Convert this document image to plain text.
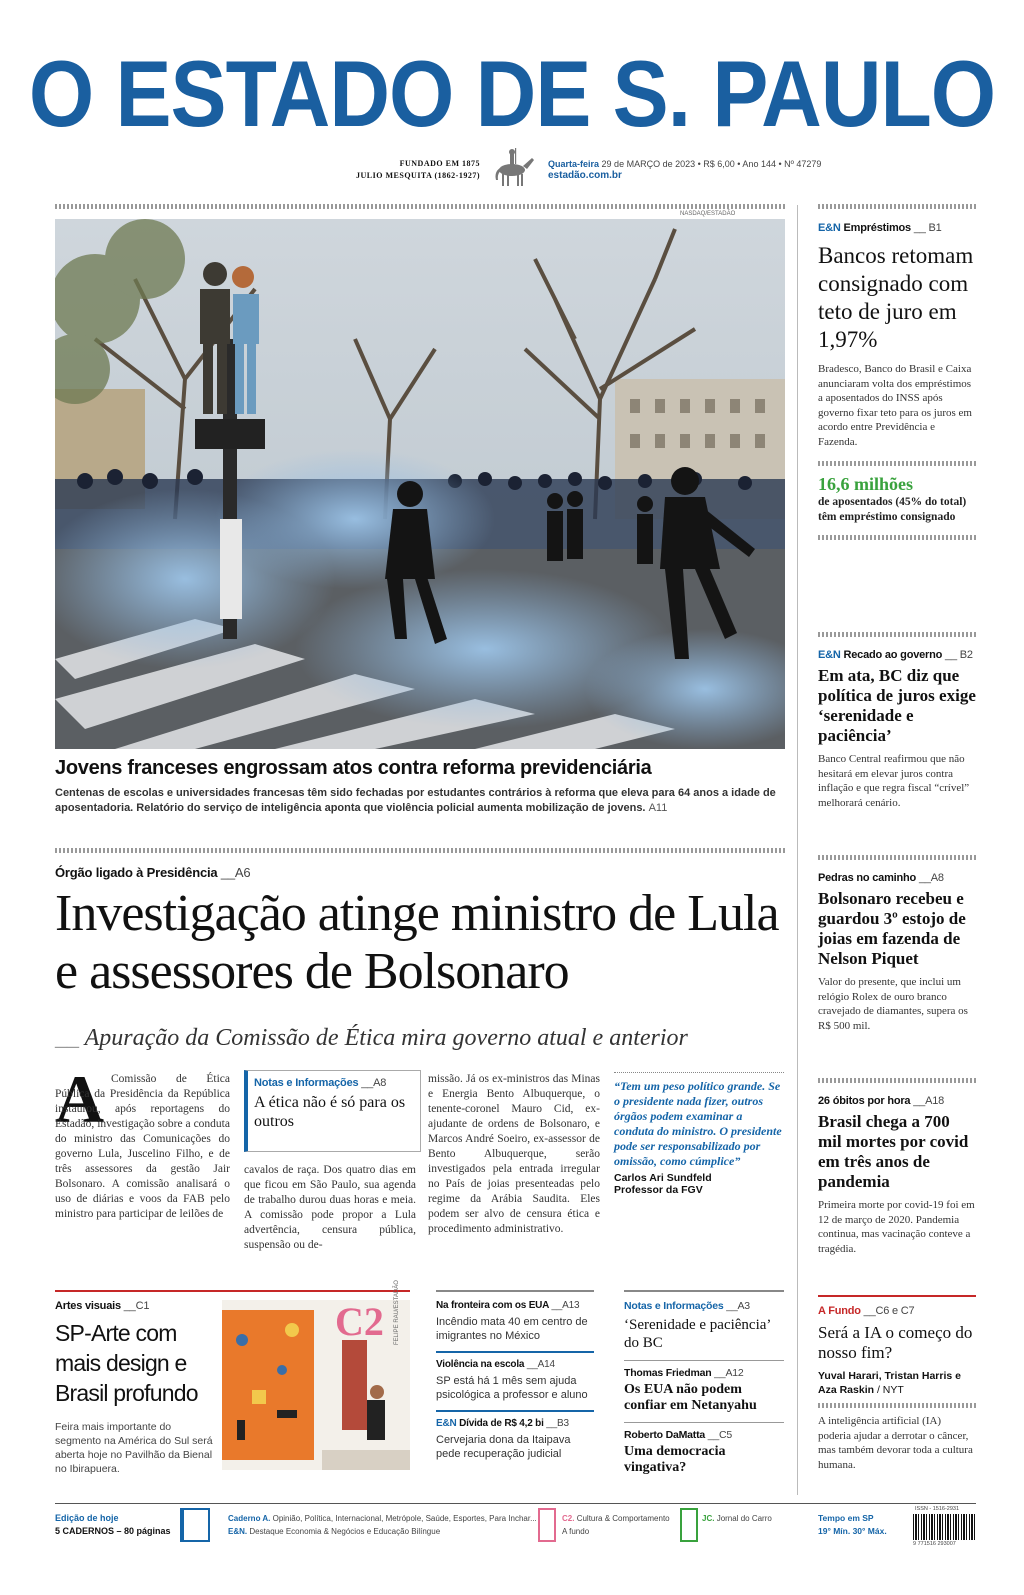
O ESTADO DE S. PAULO
FUNDADO EM 1875
JULIO MESQUITA (1862-1927)
Quarta-feira 29 de MARÇO de 2023 • R$ 6,00 • Ano 144 • Nº 47279
estadão.com.br
NASDAQ/ESTADÃO
Jovens franceses engrossam atos contra reforma previdenciária
Centenas de escolas e universidades francesas têm sido fechadas por estudantes contrários à reforma que eleva para 64 anos a idade de aposentadoria. Relatório do serviço de inteligência aponta que violência policial aumenta mobilização de jovens. A11
Órgão ligado à Presidência __A6
Investigação atinge ministro de Lula e assessores de Bolsonaro
__ Apuração da Comissão de Ética mira governo atual e anterior
A Comissão de Ética Pública da Presidência da República instaurou, após reportagens do Estadão, investigação sobre a conduta do ministro das Comunicações do governo Lula, Juscelino Filho, e de três assessores da gestão Jair Bolsonaro. A comissão analisará o uso de diárias e voos da FAB pelo ministro para participar de leilões de
Notas e Informações __A8
A ética não é só para os outros
cavalos de raça. Dos quatro dias em que ficou em São Paulo, sua agenda de trabalho durou duas horas e meia. A comissão pode propor a Lula advertência, censura pública, suspensão ou de-
missão. Já os ex-ministros das Minas e Energia Bento Albuquerque, o tenente-coronel Mauro Cid, ex-ajudante de ordens de Bolsonaro, e Marcos André Soeiro, ex-assessor de Bento Albuquerque, serão investigados pela entrada irregular no País de joias presenteadas pelo regime da Arábia Saudita. Eles podem ser alvo de censura ética e procedimento administrativo.
“Tem um peso político grande. Se o presidente nada fizer, outros órgãos podem examinar a conduta do ministro. O presidente pode ser responsabilizado por omissão, como cúmplice”
Carlos Ari Sundfeld
Professor da FGV
E&N Empréstimos __ B1
Bancos retomam consignado com teto de juro em 1,97%
Bradesco, Banco do Brasil e Caixa anunciaram volta dos empréstimos a aposentados do INSS após governo fixar teto para os juros em acordo entre Previdência e Fazenda.
16,6 milhões
de aposentados (45% do total) têm empréstimo consignado
E&N Recado ao governo __ B2
Em ata, BC diz que política de juros exige ‘serenidade e paciência’
Banco Central reafirmou que não hesitará em elevar juros contra inflação e que regra fiscal “crível” melhorará cenário.
Pedras no caminho __A8
Bolsonaro recebeu e guardou 3º estojo de joias em fazenda de Nelson Piquet
Valor do presente, que inclui um relógio Rolex de ouro branco cravejado de diamantes, supera os R$ 500 mil.
26 óbitos por hora __A18
Brasil chega a 700 mil mortes por covid em três anos de pandemia
Primeira morte por covid-19 foi em 12 de março de 2020. Pandemia continua, mas vacinação conteve a tragédia.
A Fundo __C6 e C7
Será a IA o começo do nosso fim?
Yuval Harari, Tristan Harris e Aza Raskin / NYT
A inteligência artificial (IA) poderia ajudar a derrotar o câncer, mas também devorar toda a cultura humana.
Artes visuais __C1
SP-Arte com mais design e Brasil profundo
Feira mais importante do segmento na América do Sul será aberta hoje no Pavilhão da Bienal no Ibirapuera.
C2 FELIPE RAU/ESTADÃO	Na fronteira com os EUA __A13
Incêndio mata 40 em centro de imigrantes no México
Violência na escola __A14
SP está há 1 mês sem ajuda psicológica a professor e aluno
E&N Dívida de R$ 4,2 bi __B3
Cervejaria dona da Itaipava pede recuperação judicial
Notas e Informações __A3
‘Serenidade e paciência’ do BC
Thomas Friedman __A12
Os EUA não podem confiar em Netanyahu
Roberto DaMatta __C5
Uma democracia vingativa?
Edição de hoje
5 CADERNOS – 80 páginas
Caderno A. Opinião, Política, Internacional, Metrópole, Saúde, Esportes, Para Inchar...
E&N. Destaque Economia & Negócios e Educação Bilíngue
C2. Cultura & Comportamento
A fundo
JC. Jornal do Carro	Tempo em SP
19° Mín. 30° Máx.
ISSN - 1516-2931
9 771516 293007
